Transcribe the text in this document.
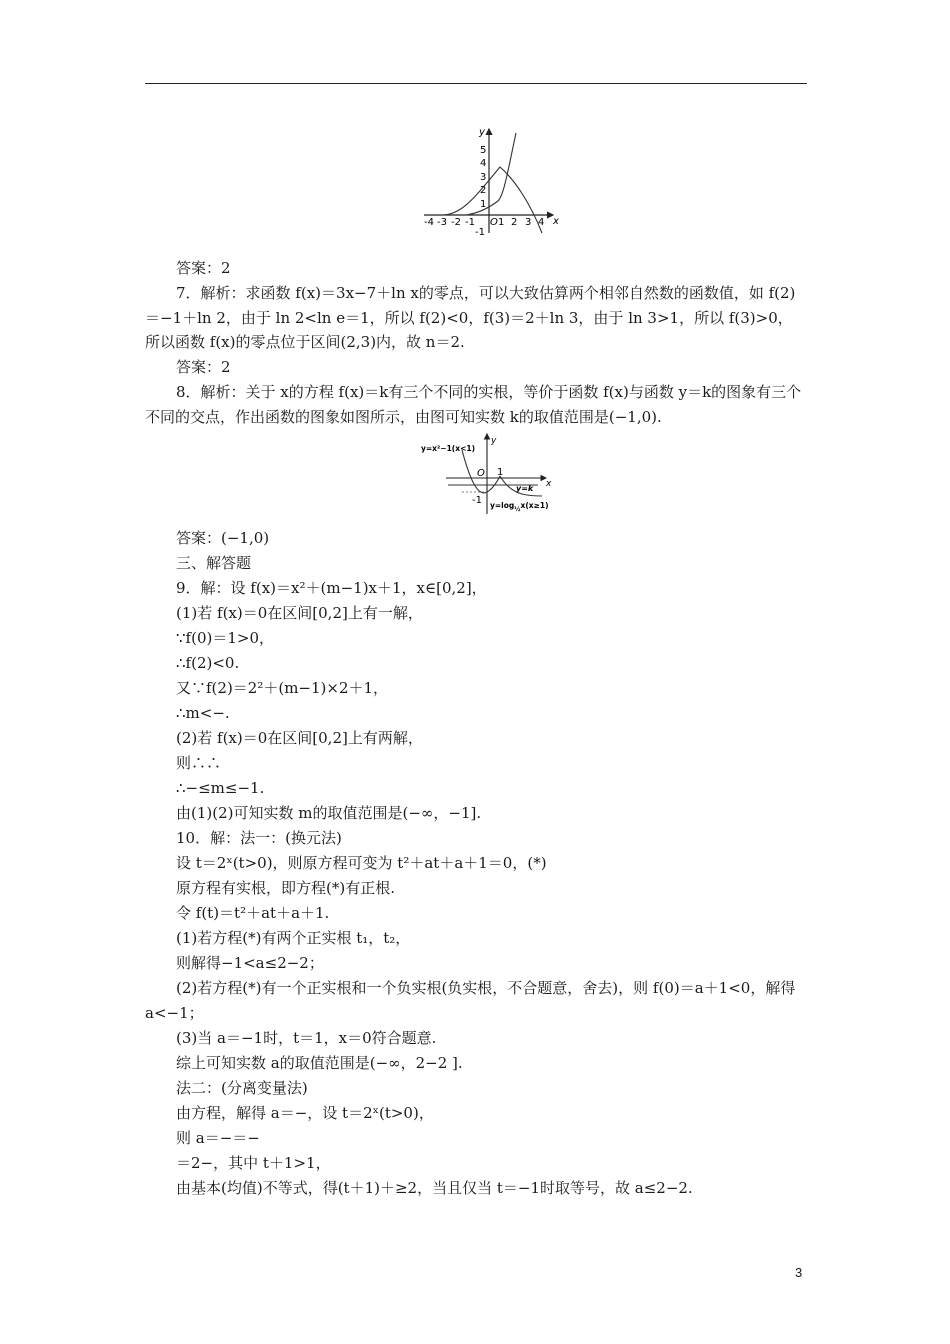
y
x
O
5
4
3
2
1
-1
-4 -3 -2 -1 1 2 3 4
答案：2
7．解析：求函数 f(x)＝3x−7＋ln x的零点，可以大致估算两个相邻自然数的函数值，如 f(2)＝−1＋ln 2，由于 ln 2<ln e＝1，所以 f(2)<0，f(3)＝2＋ln 3，由于 ln 3>1，所以 f(3)>0，所以函数 f(x)的零点位于区间(2,3)内，故 n＝2.
答案：2
8．解析：关于 x的方程 f(x)＝k有三个不同的实根，等价于函数 f(x)与函数 y＝k的图象有三个不同的交点，作出函数的图象如图所示，由图可知实数 k的取值范围是(−1,0).
y=x²−1(x<1)
y
x
O 1
-1
y=k
$y=\log_{\frac{1}{2}}x(x\ge 1)$
答案：(−1,0)
三、解答题
9．解：设 f(x)＝x²＋(m−1)x＋1，x∈[0,2]，
(1)若 f(x)＝0在区间[0,2]上有一解，
∵f(0)＝1>0，
∴f(2)<0.
又∵f(2)＝2²＋(m−1)×2＋1，
∴m<−.
(2)若 f(x)＝0在区间[0,2]上有两解，
则∴∴
∴−≤m≤−1.
由(1)(2)可知实数 m的取值范围是(−∞，−1].
10．解：法一：(换元法)
设 t＝2ˣ(t>0)，则原方程可变为 t²＋at＋a＋1＝0，(*)
原方程有实根，即方程(*)有正根.
令 f(t)＝t²＋at＋a＋1.
(1)若方程(*)有两个正实根 t₁，t₂，
则解得−1<a≤2−2；
(2)若方程(*)有一个正实根和一个负实根(负实根，不合题意，舍去)，则 f(0)＝a＋1<0，解得 a<−1；
(3)当 a＝−1时，t＝1，x＝0符合题意.
综上可知实数 a的取值范围是(−∞，2−2 ].
法二：(分离变量法)
由方程，解得 a＝−，设 t＝2ˣ(t>0)，
则 a＝−＝−
＝2−，其中 t＋1>1，
由基本(均值)不等式，得(t＋1)＋≥2，当且仅当 t＝−1时取等号，故 a≤2−2.
3
